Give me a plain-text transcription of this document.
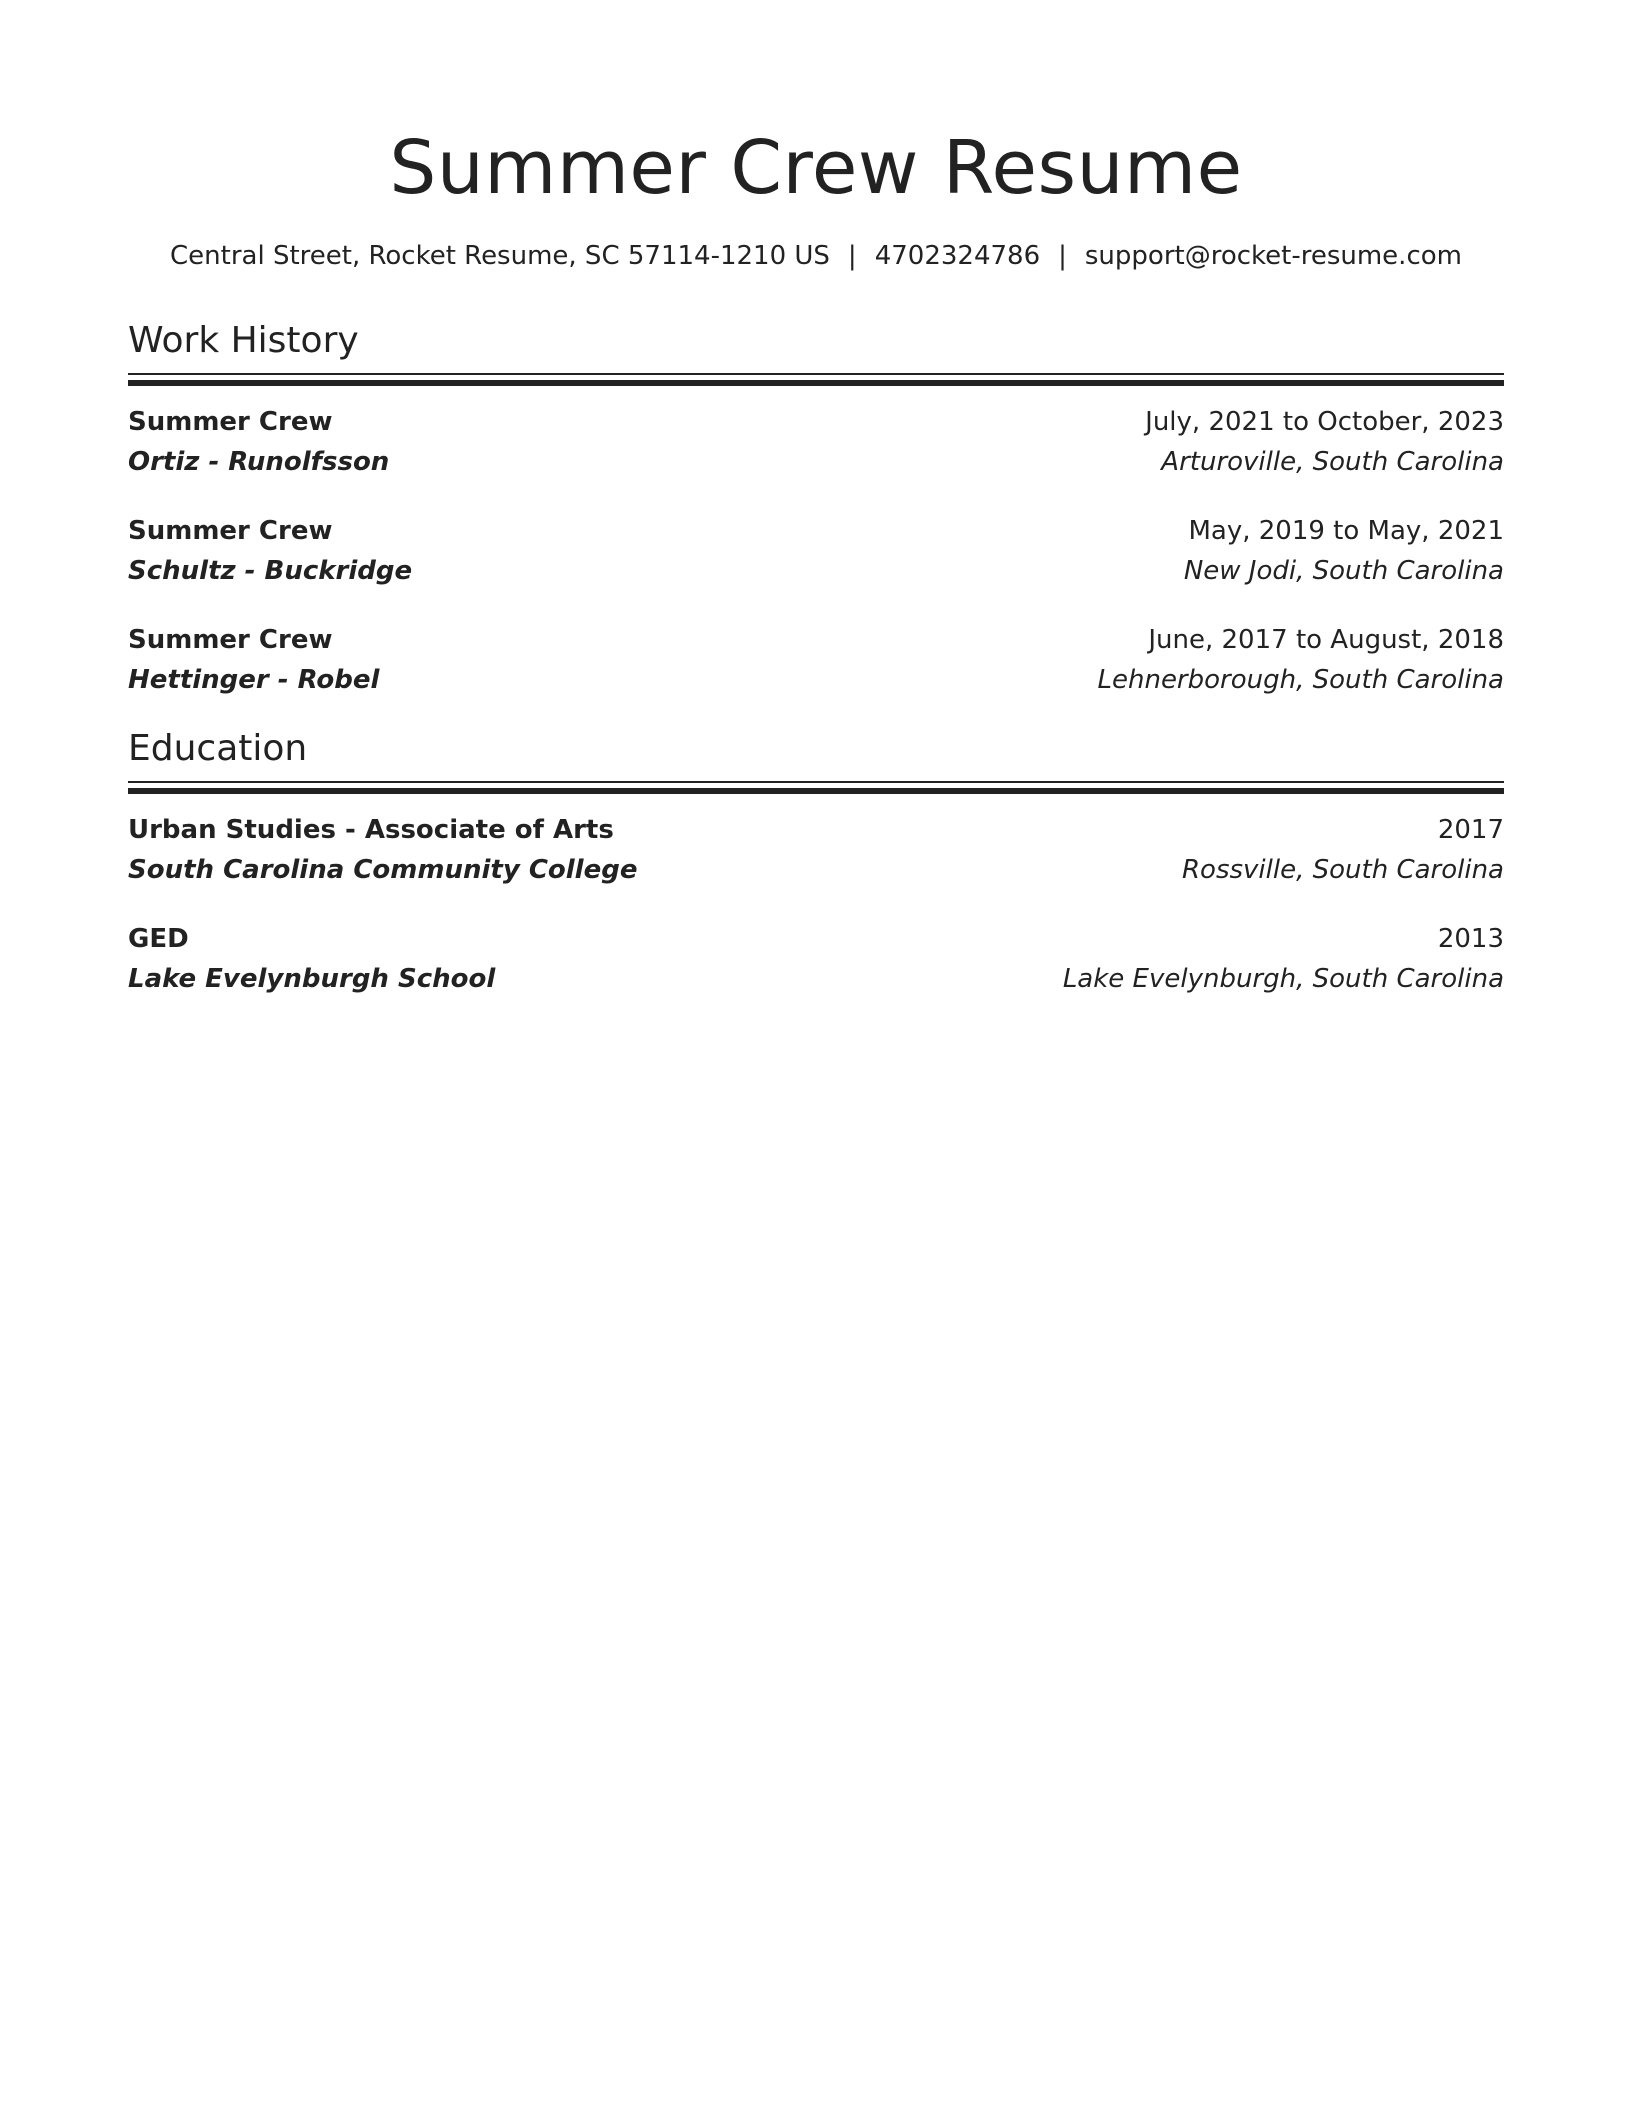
Summer Crew Resume
Central Street, Rocket Resume, SC 57114-1210 US | 4702324786 | support@rocket-resume.com
Work History
Summer Crew	July, 2021 to October, 2023
Ortiz - Runolfsson	Arturoville, South Carolina
Summer Crew	May, 2019 to May, 2021
Schultz - Buckridge	New Jodi, South Carolina
Summer Crew	June, 2017 to August, 2018
Hettinger - Robel	Lehnerborough, South Carolina
Education
Urban Studies - Associate of Arts	2017
South Carolina Community College	Rossville, South Carolina
GED	2013
Lake Evelynburgh School	Lake Evelynburgh, South Carolina
